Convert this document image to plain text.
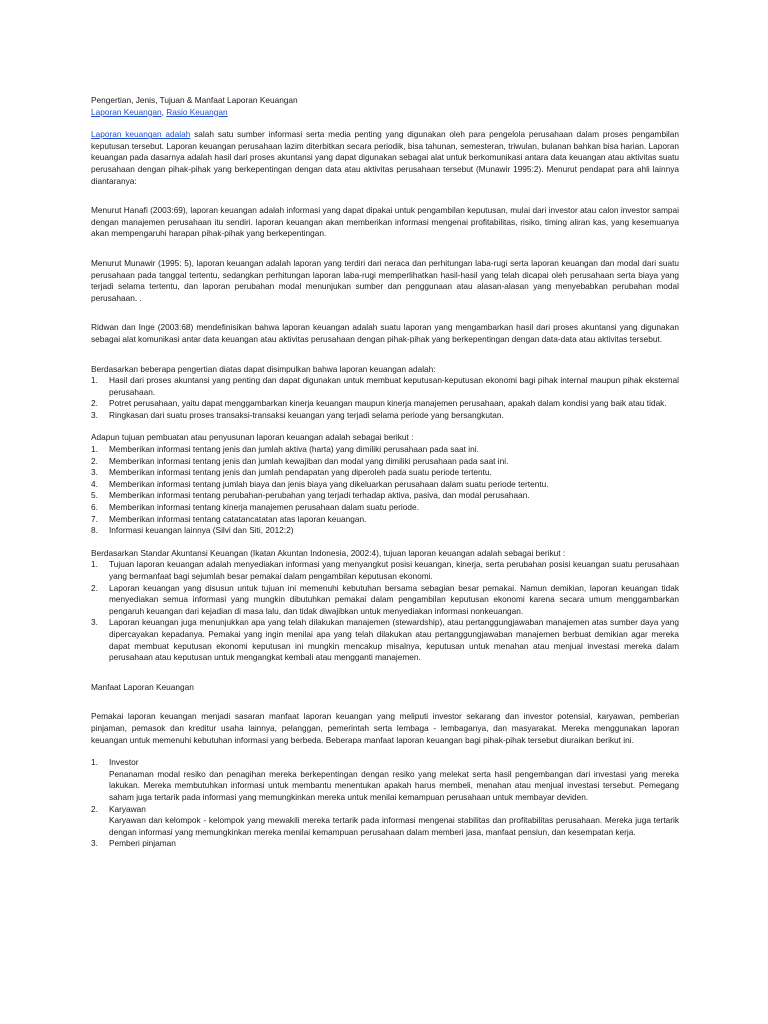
Pengertian, Jenis, Tujuan & Manfaat Laporan Keuangan

Laporan Keuangan, Rasio Keuangan

Laporan keuangan adalah salah satu sumber informasi serta media penting yang digunakan oleh para pengelola perusahaan dalam proses pengambilan keputusan tersebut. Laporan keuangan perusahaan lazim diterbitkan secara periodik, bisa tahunan, semesteran, triwulan, bulanan bahkan bisa harian. Laporan keuangan pada dasarnya adalah hasil dari proses akuntansi yang dapat digunakan sebagai alat untuk berkomunikasi antara data keuangan atau aktivitas suatu perusahaan dengan pihak-pihak yang berkepentingan dengan data atau aktivitas perusahaan tersebut (Munawir 1995:2). Menurut pendapat para ahli lainnya diantaranya:

Menurut Hanafi (2003:69), laporan keuangan adalah informasi yang dapat dipakai untuk pengambilan keputusan, mulai dari investor atau calon investor sampai dengan manajemen perusahaan itu sendiri. laporan keuangan akan memberikan informasi mengenai profitabilitas, risiko, timing aliran kas, yang kesemuanya akan mempengaruhi harapan pihak-pihak yang berkepentingan.

Menurut Munawir (1995: 5), laporan keuangan adalah laporan yang terdiri dari neraca dan perhitungan laba-rugi serta laporan keuangan dan modal dari suatu perusahaan pada tanggal tertentu, sedangkan perhitungan laporan laba-rugi memperlihatkan hasil-hasil yang telah dicapai oleh perusahaan serta biaya yang terjadi selama tertentu, dan laporan perubahan modal menunjukan sumber dan penggunaan atau alasan-alasan yang menyebabkan perubahan modal perusahaan. .

Ridwan dan Inge (2003:68) mendefinisikan bahwa laporan keuangan adalah suatu laporan yang mengambarkan hasil dari proses akuntansi yang digunakan sebagai alat komunikasi antar data keuangan atau aktivitas perusahaan dengan pihak-pihak yang berkepentingan dengan data-data atau aktivitas tersebut.

Berdasarkan beberapa pengertian diatas dapat disimpulkan bahwa laporan keuangan adalah:

1. Hasil dari proses akuntansi yang penting dan dapat digunakan untuk membuat keputusan-keputusan ekonomi bagi pihak internal maupun pihak eksternal perusahaan.
2. Potret perusahaan, yaitu dapat menggambarkan kinerja keuangan maupun kinerja manajemen perusahaan, apakah dalam kondisi yang baik atau tidak.
3. Ringkasan dari suatu proses transaksi-transaksi keuangan yang terjadi selama periode yang bersangkutan.

Adapun tujuan pembuatan atau penyusunan laporan keuangan adalah sebagai berikut :

1. Memberikan informasi tentang jenis dan jumlah aktiva (harta) yang dimiliki perusahaan pada saat ini.
2. Memberikan informasi tentang jenis dan jumlah kewajiban dan modal yang dimiliki perusahaan pada saat ini.
3. Memberikan informasi tentang jenis dan jumlah pendapatan yang diperoleh pada suatu periode tertentu.
4. Memberikan informasi tentang jumlah biaya dan jenis biaya yang dikeluarkan perusahaan dalam suatu periode tertentu.
5. Memberikan informasi tentang perubahan-perubahan yang terjadi terhadap aktiva, pasiva, dan modal perusahaan.
6. Memberikan informasi tentang kinerja manajemen perusahaan dalam suatu periode.
7. Memberikan informasi tentang catatancatatan atas laporan keuangan.
8. Informasi keuangan lainnya (Silvi dan Siti, 2012:2)

Berdasarkan Standar Akuntansi Keuangan (Ikatan Akuntan Indonesia, 2002:4), tujuan laporan keuangan adalah sebagai berikut :

1. Tujuan laporan keuangan adalah menyediakan informasi yang menyangkut posisi keuangan, kinerja, serta perubahan posisi keuangan suatu perusahaan yang bermanfaat bagi sejumlah besar pemakai dalam pengambilan keputusan ekonomi.
2. Laporan keuangan yang disusun untuk tujuan ini memenuhi kebutuhan bersama sebagian besar pemakai. Namun demikian, laporan keuangan tidak menyediakan semua informasi yang mungkin dibutuhkan pemakai dalam pengambilan keputusan ekonomi karena secara umum menggambarkan pengaruh keuangan dari kejadian di masa lalu, dan tidak diwajibkan untuk menyediakan informasi nonkeuangan.
3. Laporan keuangan juga menunjukkan apa yang telah dilakukan manajemen (stewardship), atau pertanggungjawaban manajemen atas sumber daya yang dipercayakan kepadanya. Pemakai yang ingin menilai apa yang telah dilakukan atau pertanggungjawaban manajemen berbuat demikian agar mereka dapat membuat keputusan ekonomi keputusan ini mungkin mencakup misalnya, keputusan untuk menahan atau menjual investasi mereka dalam perusahaan atau keputusan untuk mengangkat kembali atau mengganti manajemen.

Manfaat Laporan Keuangan

Pemakai laporan keuangan menjadi sasaran manfaat laporan keuangan yang meliputi investor sekarang dan investor potensial, karyawan, pemberian pinjaman, pemasok dan kreditur usaha lainnya, pelanggan, pemerintah serta lembaga - lembaganya, dan masyarakat. Mereka menggunakan laporan keuangan untuk memenuhi kebutuhan informasi yang berbeda. Beberapa manfaat laporan keuangan bagi pihak-pihak tersebut diuraikan berikut ini.

1. Investor
Penanaman modal resiko dan penagihan mereka berkepentingan dengan resiko yang melekat serta hasil pengembangan dari investasi yang mereka lakukan. Mereka membutuhkan informasi untuk membantu menentukan apakah harus membeli, menahan atau menjual investasi tersebut. Pemegang saham juga tertarik pada informasi yang memungkinkan mereka untuk menilai kemampuan perusahaan untuk membayar deviden.
2. Karyawan
Karyawan dan kelompok - kelompok yang mewakili mereka tertarik pada informasi mengenai stabilitas dan profitabilitas perusahaan. Mereka juga tertarik dengan informasi yang memungkinkan mereka menilai kemampuan perusahaan dalam memberi jasa, manfaat pensiun, dan kesempatan kerja.
3. Pemberi pinjaman
